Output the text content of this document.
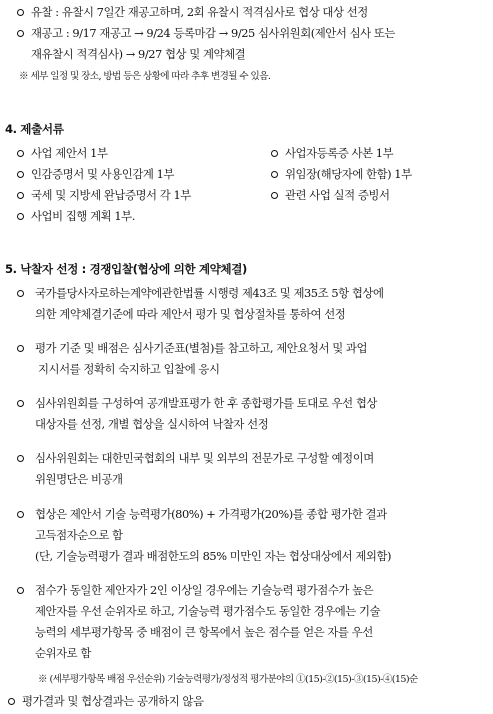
유찰 : 유찰시 7일간 재공고하며, 2회 유찰시 적격심사로 협상 대상 선정
재공고 : 9/17 재공고 → 9/24 등록마감 → 9/25 심사위원회(제안서 심사 또는
재유찰시 적격심사) → 9/27 협상 및 계약체결
※ 세부 일정 및 장소, 방법 등은 상황에 따라 추후 변경될 수 있음.
4. 제출서류
사업 제안서 1부
인감증명서 및 사용인감계 1부
국세 및 지방세 완납증명서 각 1부
사업비 집행 계획 1부.
사업자등록증 사본 1부
위임장(해당자에 한함) 1부
관련 사업 실적 증빙서
5. 낙찰자 선정 : 경쟁입찰(협상에 의한 계약체결)
국가를당사자로하는계약에관한법률 시행령 제43조 및 제35조 5항 협상에
의한 계약체결기준에 따라 제안서 평가 및 협상절차를 통하여 선정
평가 기준 및 배점은 심사기준표(별첨)를 참고하고, 제안요청서 및 과업
지시서를 정확히 숙지하고 입찰에 응시
심사위원회를 구성하여 공개발표평가 한 후 종합평가를 토대로 우선 협상
대상자를 선정, 개별 협상을 실시하여 낙찰자 선정
심사위원회는 대한민국협회의 내부 및 외부의 전문가로 구성할 예정이며
위원명단은 비공개
협상은 제안서 기술 능력평가(80%) + 가격평가(20%)를 종합 평가한 결과
고득점자순으로 함
(단, 기술능력평가 결과 배점한도의 85% 미만인 자는 협상대상에서 제외함)
점수가 동일한 제안자가 2인 이상일 경우에는 기술능력 평가점수가 높은
제안자를 우선 순위자로 하고, 기술능력 평가점수도 동일한 경우에는 기술
능력의 세부평가항목 중 배점이 큰 항목에서 높은 점수를 얻은 자를 우선
순위자로 함
※ (세부평가항목 배점 우선순위) 기술능력평가/정성적 평가분야의 ①(15)-②(15)-③(15)-④(15)순
평가결과 및 협상결과는 공개하지 않음
